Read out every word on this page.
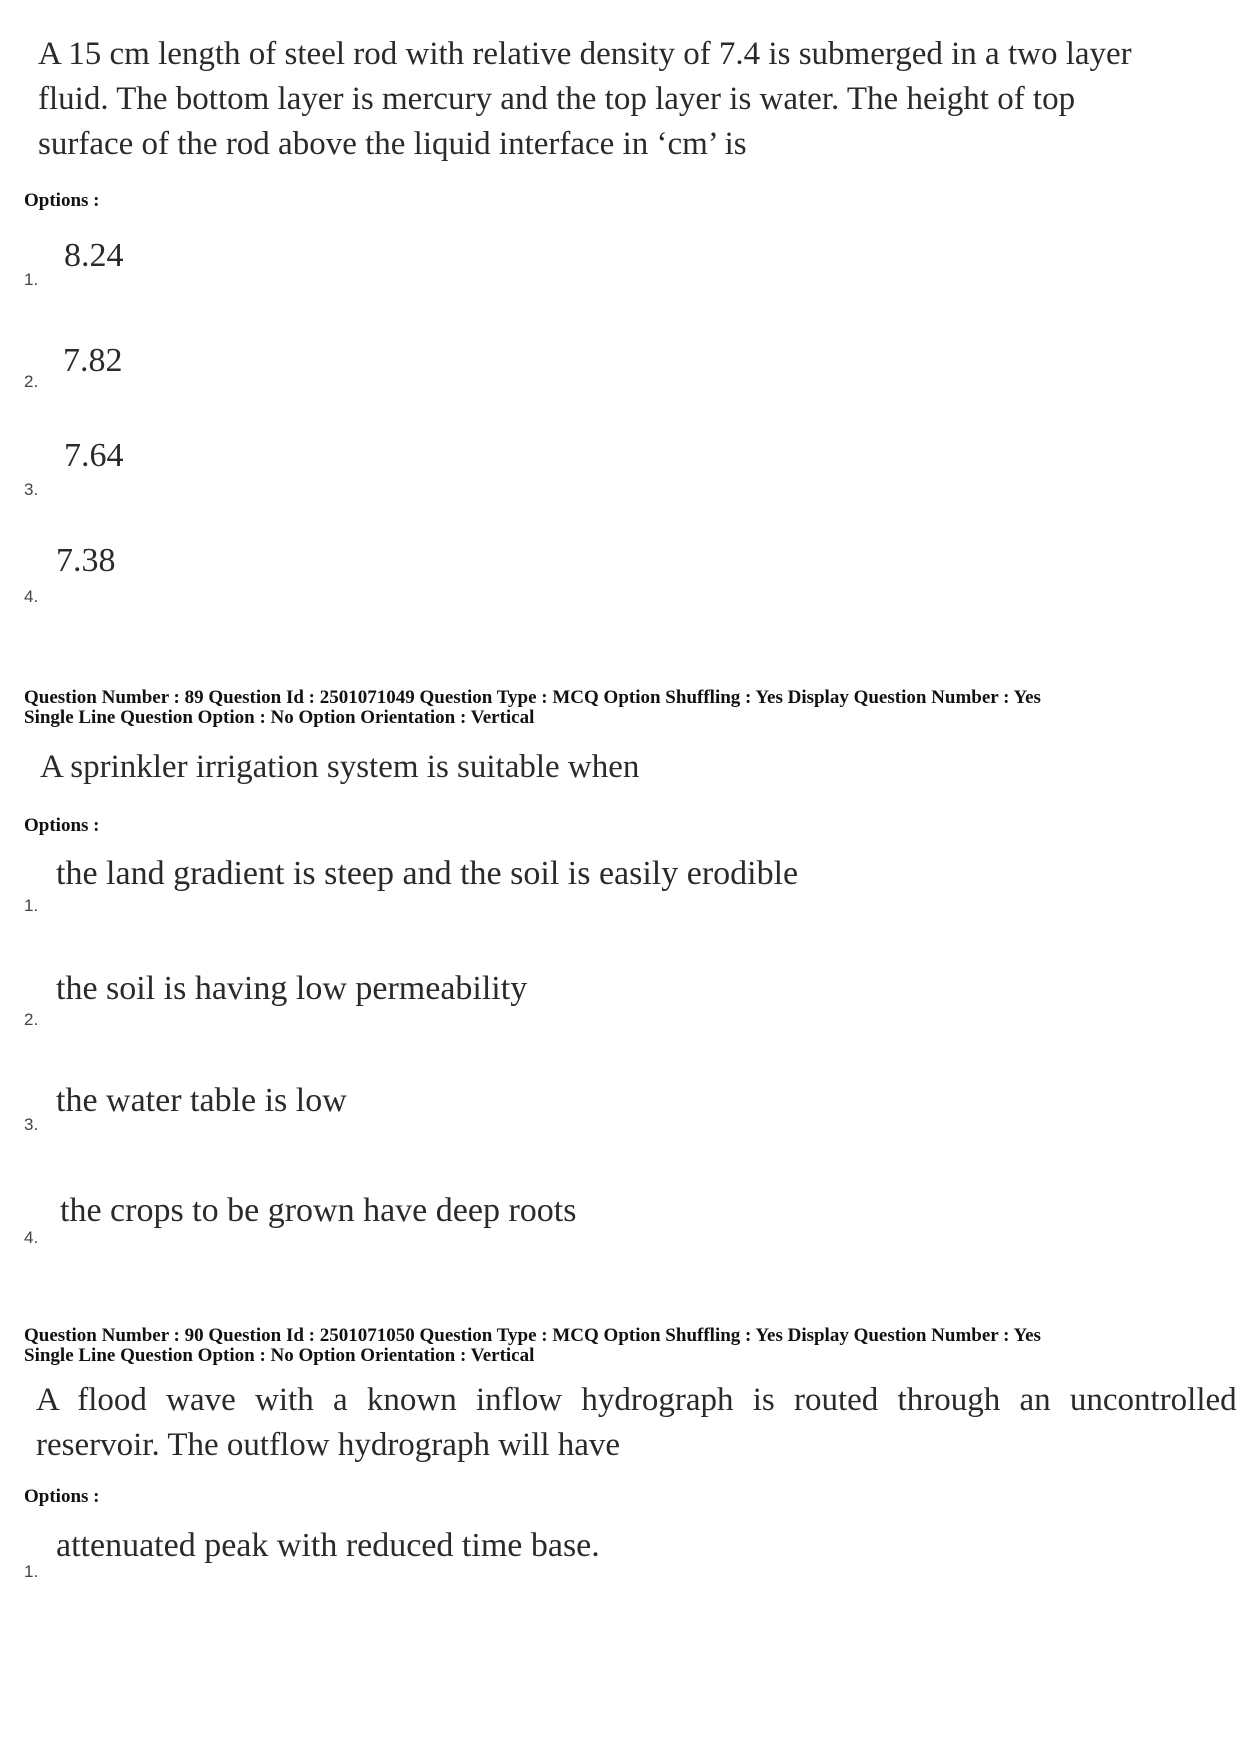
A 15 cm length of steel rod with relative density of 7.4 is submerged in a two layer fluid. The bottom layer is mercury and the top layer is water. The height of top surface of the rod above the liquid interface in ‘cm’ is
Options :
8.24
1.
7.82
2.
7.64
3.
7.38
4.
Question Number : 89 Question Id : 2501071049 Question Type : MCQ Option Shuffling : Yes Display Question Number : Yes
Single Line Question Option : No Option Orientation : Vertical
A sprinkler irrigation system is suitable when
Options :
the land gradient is steep and the soil is easily erodible
1.
the soil is having low permeability
2.
the water table is low
3.
the crops to be grown have deep roots
4.
Question Number : 90 Question Id : 2501071050 Question Type : MCQ Option Shuffling : Yes Display Question Number : Yes
Single Line Question Option : No Option Orientation : Vertical
A flood wave with a known inflow hydrograph is routed through an uncontrolled
reservoir. The outflow hydrograph will have
Options :
attenuated peak with reduced time base.
1.
